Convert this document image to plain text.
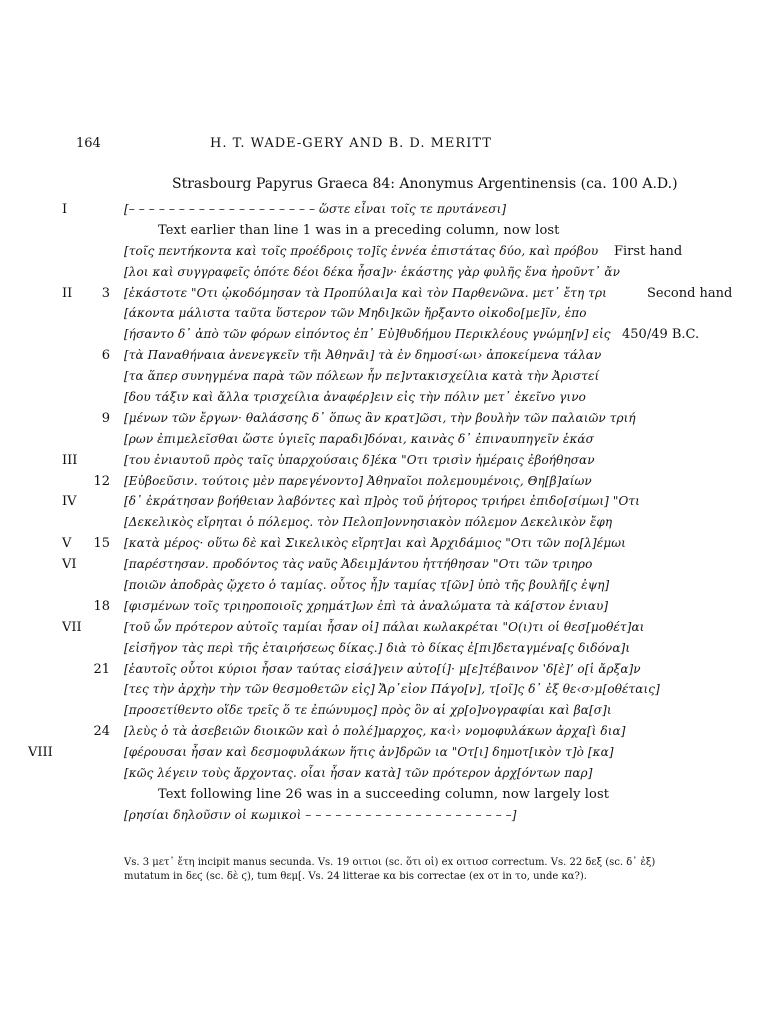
164	H. T. WADE-GERY AND B. D. MERITT
Strasbourg Papyrus Graeca 84: Anonymus Argentinensis (ca. 100 A.D.)
I	[– – – – – – – – – – – – – – – – – – – ὥστε εἶναι τοῖς τε πρυτάνεσι]
Text earlier than line 1 was in a preceding column, now lost
[τοῖς πεντήκοντα καὶ τοῖς προέδροις το]ῖς ἐννέα ἐπιστάτας δύο, καὶ πρόβου First hand
[λοι καὶ συγγραφεῖς ὁπότε δέοι δέκα ἦσα]ν· ἑκάστης γὰρ φυλῆς ἕνα ἠροῦντ᾽ ἄν
II	3 [ἑκάστοτε "Οτι ᾠκοδόμησαν τὰ Προπύλαι]α καὶ τὸν Παρθενῶνα. μετ᾽ ἔτη τρι	Second hand
[άκοντα μάλιστα ταῦτα ὕστερον τῶν Μηδι]κῶν ἤρξαντο οἰκοδο[με]ῖν, ἐπο
[ήσαντο δ᾽ ἀπὸ τῶν φόρων εἰπόντος ἐπ᾽ Εὐ]θυδήμου Περικλέους γνώμη[ν] εἰς 450/49 B.C.
6 [τὰ Παναθήναια ἀνενεγκεῖν τῆι Ἀθηνᾶι] τὰ ἐν δημοσί‹ωι› ἀποκείμενα τάλαν
[τα ἅπερ συνηγμένα παρὰ τῶν πόλεων ἦν πε]ντακισχείλια κατὰ τὴν Ἀριστεί
[δου τάξιν καὶ ἄλλα τρισχείλια ἀναφέρ]ειν εἰς τὴν πόλιν μετ᾽ ἐκεῖνο γινο
9 [μένων τῶν ἔργων· θαλάσσης δ᾽ ὅπως ἂν κρατ]ῶσι, τὴν βουλὴν τῶν παλαιῶν τριή
[ρων ἐπιμελεῖσθαι ὥστε ὑγιεῖς παραδι]δόναι, καινὰς δ᾽ ἐπιναυπηγεῖν ἑκάσ
III	[του ἐνιαυτοῦ πρὸς ταῖς ὑπαρχούσαις δ]έκα "Οτι τρισὶν ἡμέραις ἐβοήθησαν
12 [Εὐβοεῦσιν. τούτοις μὲν παρεγένοντο] Ἀθηναῖοι πολεμουμένοις, Θη[β]αίων
IV	[δ᾽ ἐκράτησαν βοήθειαν λαβόντες καὶ π]ρὸς τοῦ ῥήτορος τριήρει ἐπιδο[σίμωι] "Οτι
[Δεκελικὸς εἴρηται ὁ πόλεμος. τὸν Πελοπ]οννησιακὸν πόλεμον Δεκελικὸν ἔφη
V 15 [κατὰ μέρος· οὕτω δὲ καὶ Σικελικὸς εἴρητ]αι καὶ Ἀρχιδάμιος "Οτι τῶν πο[λ]έμωι
VI	[παρέστησαν. προδόντος τὰς ναῦς Ἀδειμ]άντου ἡττήθησαν "Οτι τῶν τριηρο
[ποιῶν ἀποδρὰς ᾤχετο ὁ ταμίας. οὗτος ἦ]ν ταμίας τ[ῶν] ὑπὸ τῆς βουλῆ[ς ἐψη]
18 [φισμένων τοῖς τριηροποιοῖς χρημάτ]ων ἐπὶ τὰ ἀναλώματα τὰ κά[στον ἐνιαυ]
VII	[τοῦ ὧν πρότερον αὐτοῖς ταμίαι ἦσαν οἱ] πάλαι κωλακρέται "Ο(ι)τι οἱ θεσ[μοθέτ]αι
[εἰσῆγον τὰς περὶ τῆς ἑταιρήσεως δίκας.] διὰ τὸ δίκας ἐ[πι]δεταγμένα[ς διδόνα]ι
21 [ἑαυτοῖς οὗτοι κύριοι ἦσαν ταύτας εἰσά]γειν αὐτο[ί]· μ[ε]τέβαινον ʽδ[ὲ]ʼ ο[ἱ ἄρξα]ν
[τες τὴν ἀρχὴν τὴν τῶν θεσμοθετῶν εἰς] Ἄρ᾽εἰον Πάγο[ν], τ[οῖ]ς δ᾽ ἐξ θε‹σ›μ[οθέταις]
[προσετίθεντο οἵδε τρεῖς ὅ τε ἐπώνυμος] πρὸς ὃν αἱ χρ[ο]νογραφίαι καὶ βα[σ]ι
24 [λεὺς ὁ τὰ ἀσεβειῶν διοικῶν καὶ ὁ πολέ]μαρχος, κα‹ὶ› νομοφυλάκων ἀρχα[ὶ δια]
VIII	[φέρουσαι ἦσαν καὶ δεσμοφυλάκων ἥτις ἀν]δρῶν ια "Οτ[ι] δημοτ[ικὸν τ]ὸ [κα]
[κῶς λέγειν τοὺς ἄρχοντας. οἷαι ἦσαν κατὰ] τῶν πρότερον ἀρχ[όντων παρ]
Text following line 26 was in a succeeding column, now largely lost
[ρησίαι δηλοῦσιν οἱ κωμικοὶ – – – – – – – – – – – – – – – – – – – – –]
Vs. 3 μετ᾽ ἔτη incipit manus secunda. Vs. 19 οιτιοι (sc. ὅτι οἱ) ex οιτιοσ correctum. Vs. 22 δεξ (sc. δ᾽ ἐξ) mutatum in δεϛ (sc. δὲ ϛ), tum θεμ[. Vs. 24 litterae κα bis correctae (ex οτ in το, unde κα?).
